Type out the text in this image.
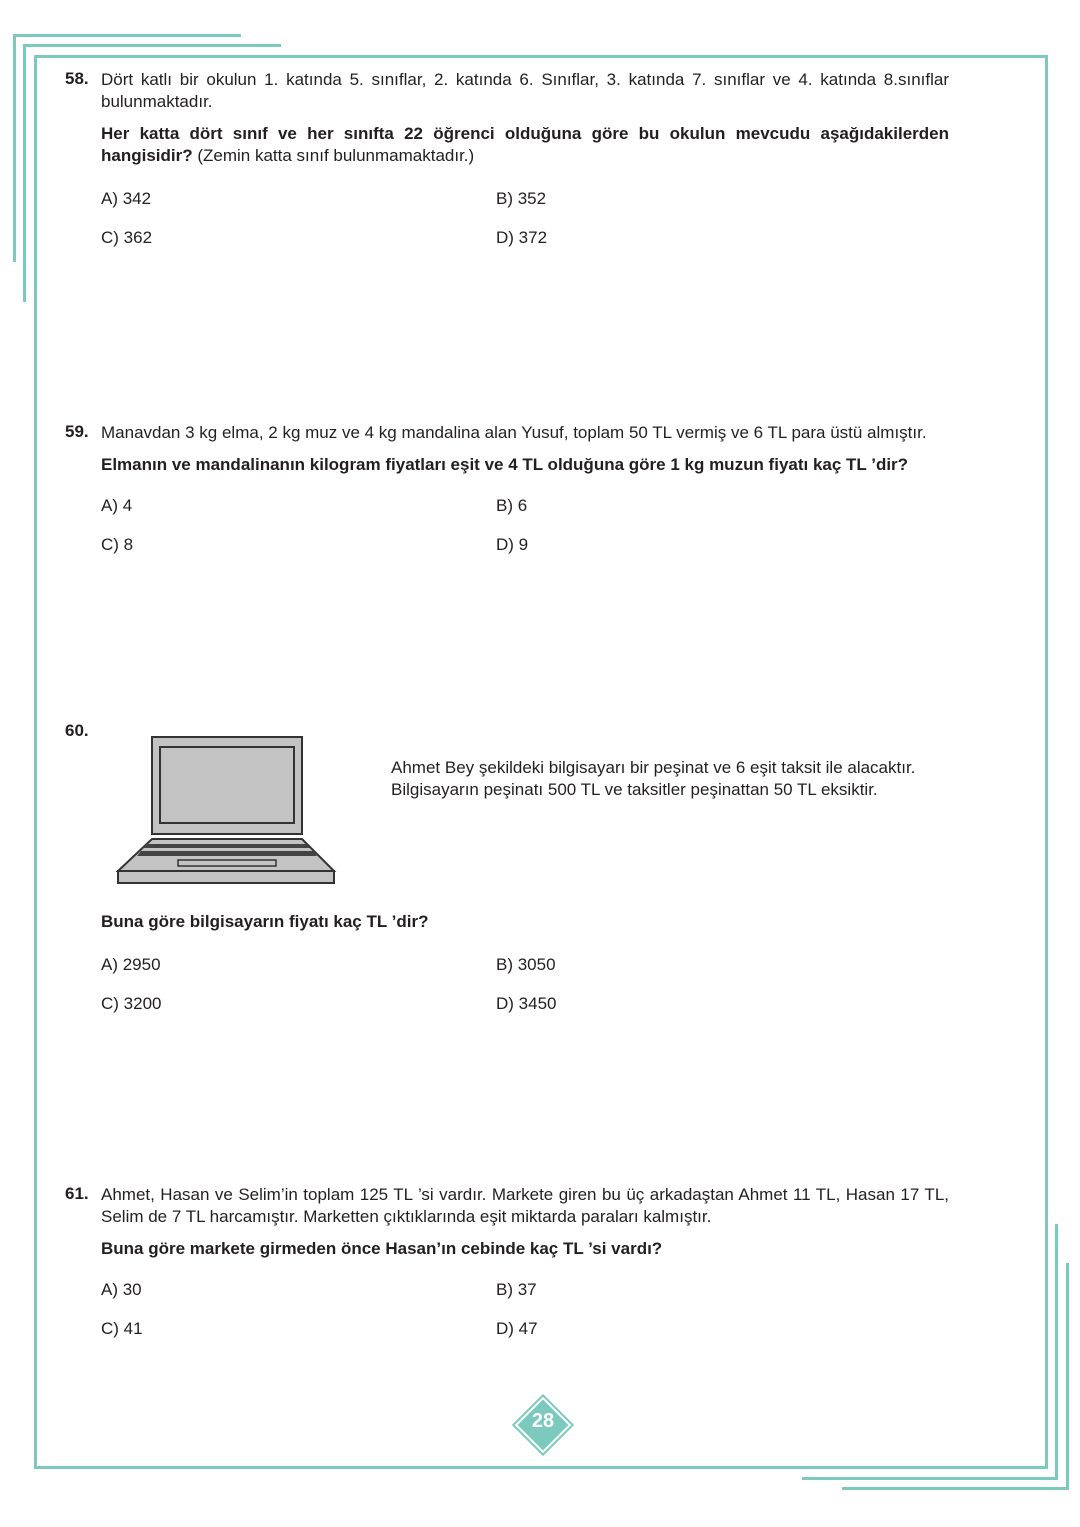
58. Dört katlı bir okulun 1. katında 5. sınıflar, 2. katında 6. Sınıflar, 3. katında 7. sınıflar ve 4. katında 8.sınıflar bulunmaktadır.

Her katta dört sınıf ve her sınıfta 22 öğrenci olduğuna göre bu okulun mevcudu aşağıdakilerden hangisidir? (Zemin katta sınıf bulunmamaktadır.)

A) 342	B) 352
C) 362	D) 372
59. Manavdan 3 kg elma, 2 kg muz ve 4 kg mandalina alan Yusuf, toplam 50 TL vermiş ve 6 TL para üstü almıştır.

Elmanın ve mandalinanın kilogram fiyatları eşit ve 4 TL olduğuna göre 1 kg muzun fiyatı kaç TL ’dir?

A) 4	B) 6
C) 8	D) 9
60.

Ahmet Bey şekildeki bilgisayarı bir peşinat ve 6 eşit taksit ile alacaktır. Bilgisayarın peşinatı 500 TL ve taksitler peşinattan 50 TL eksiktir.

Buna göre bilgisayarın fiyatı kaç TL ’dir?

A) 2950	B) 3050
C) 3200	D) 3450
61. Ahmet, Hasan ve Selim’in toplam 125 TL ’si vardır. Markete giren bu üç arkadaştan Ahmet 11 TL, Hasan 17 TL, Selim de 7 TL harcamıştır. Marketten çıktıklarında eşit miktarda paraları kalmıştır.

Buna göre markete girmeden önce Hasan’ın cebinde kaç TL ’si vardı?

A) 30	B) 37
C) 41	D) 47
28
